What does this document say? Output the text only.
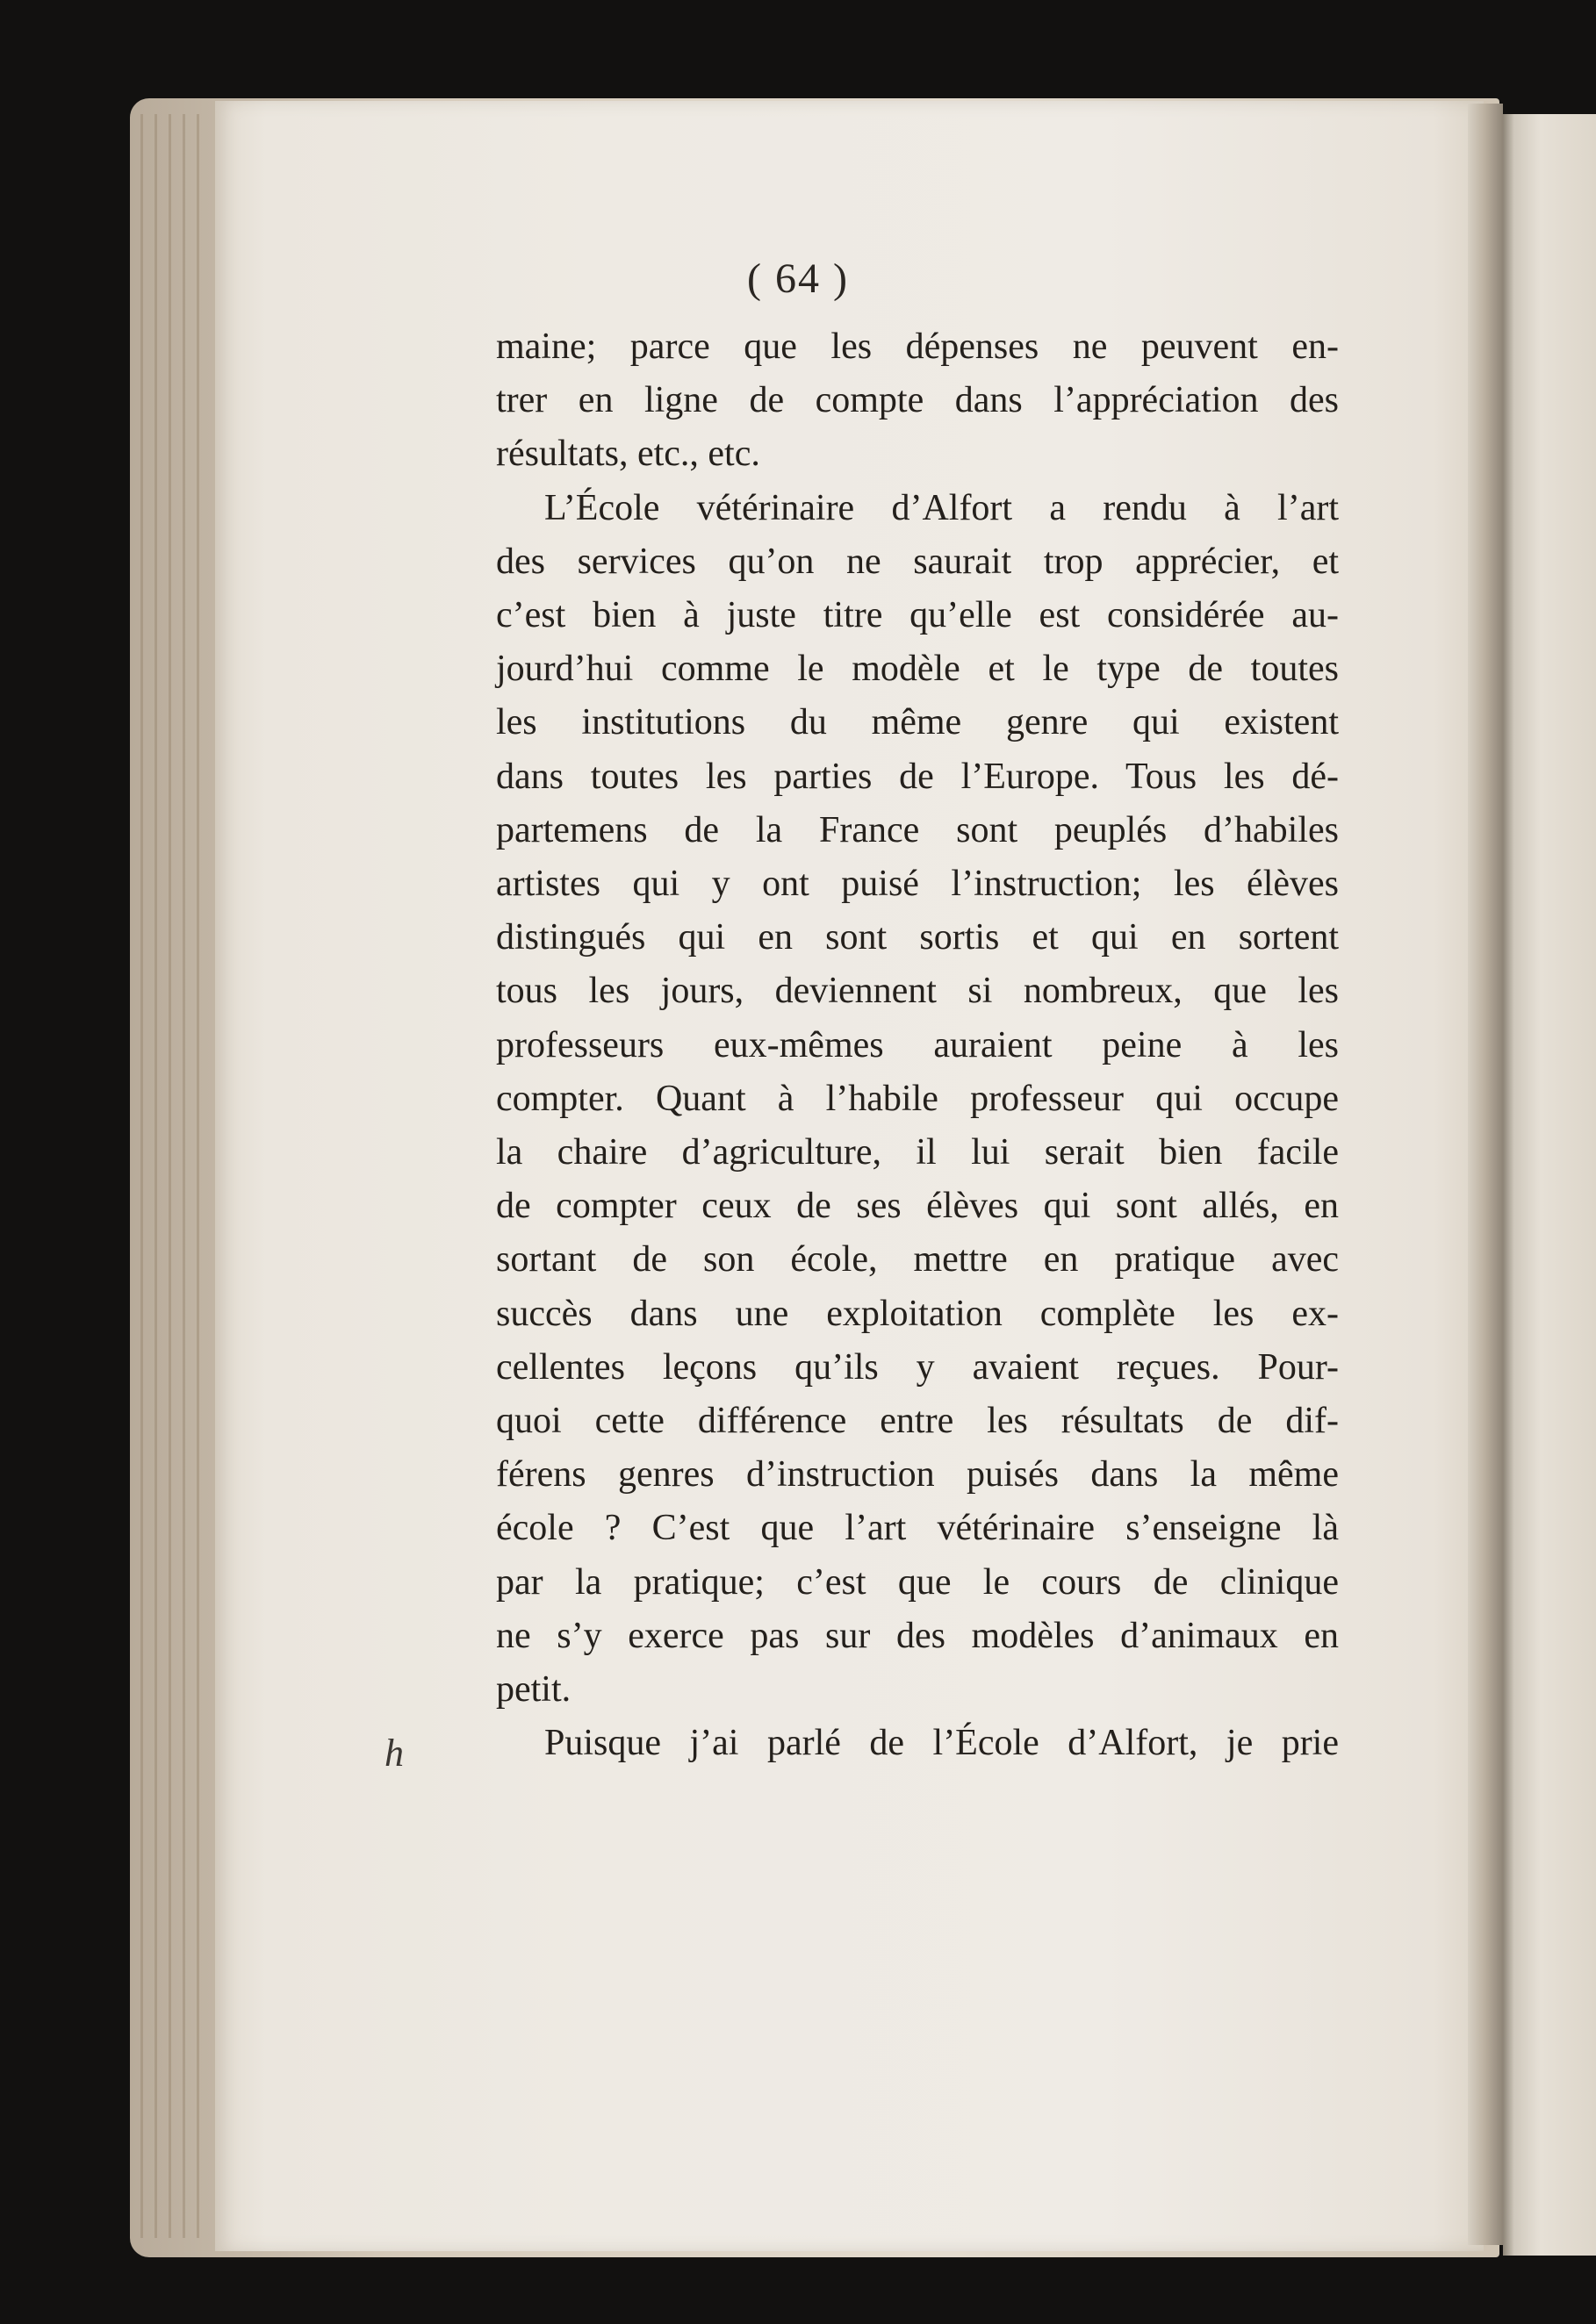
( 64 )
maine; parce que les dépenses ne peuvent en-
trer en ligne de compte dans l’appréciation des
résultats, etc., etc.
L’École vétérinaire d’Alfort a rendu à l’art
des services qu’on ne saurait trop apprécier, et
c’est bien à juste titre qu’elle est considérée au-
jourd’hui comme le modèle et le type de toutes
les institutions du même genre qui existent
dans toutes les parties de l’Europe. Tous les dé-
partemens de la France sont peuplés d’habiles
artistes qui y ont puisé l’instruction; les élèves
distingués qui en sont sortis et qui en sortent
tous les jours, deviennent si nombreux, que les
professeurs eux-mêmes auraient peine à les
compter. Quant à l’habile professeur qui occupe
la chaire d’agriculture, il lui serait bien facile
de compter ceux de ses élèves qui sont allés, en
sortant de son école, mettre en pratique avec
succès dans une exploitation complète les ex-
cellentes leçons qu’ils y avaient reçues. Pour-
quoi cette différence entre les résultats de dif-
férens genres d’instruction puisés dans la même
école ? C’est que l’art vétérinaire s’enseigne là
par la pratique; c’est que le cours de clinique
ne s’y exerce pas sur des modèles d’animaux en
petit.
Puisque j’ai parlé de l’École d’Alfort, je prie
h
